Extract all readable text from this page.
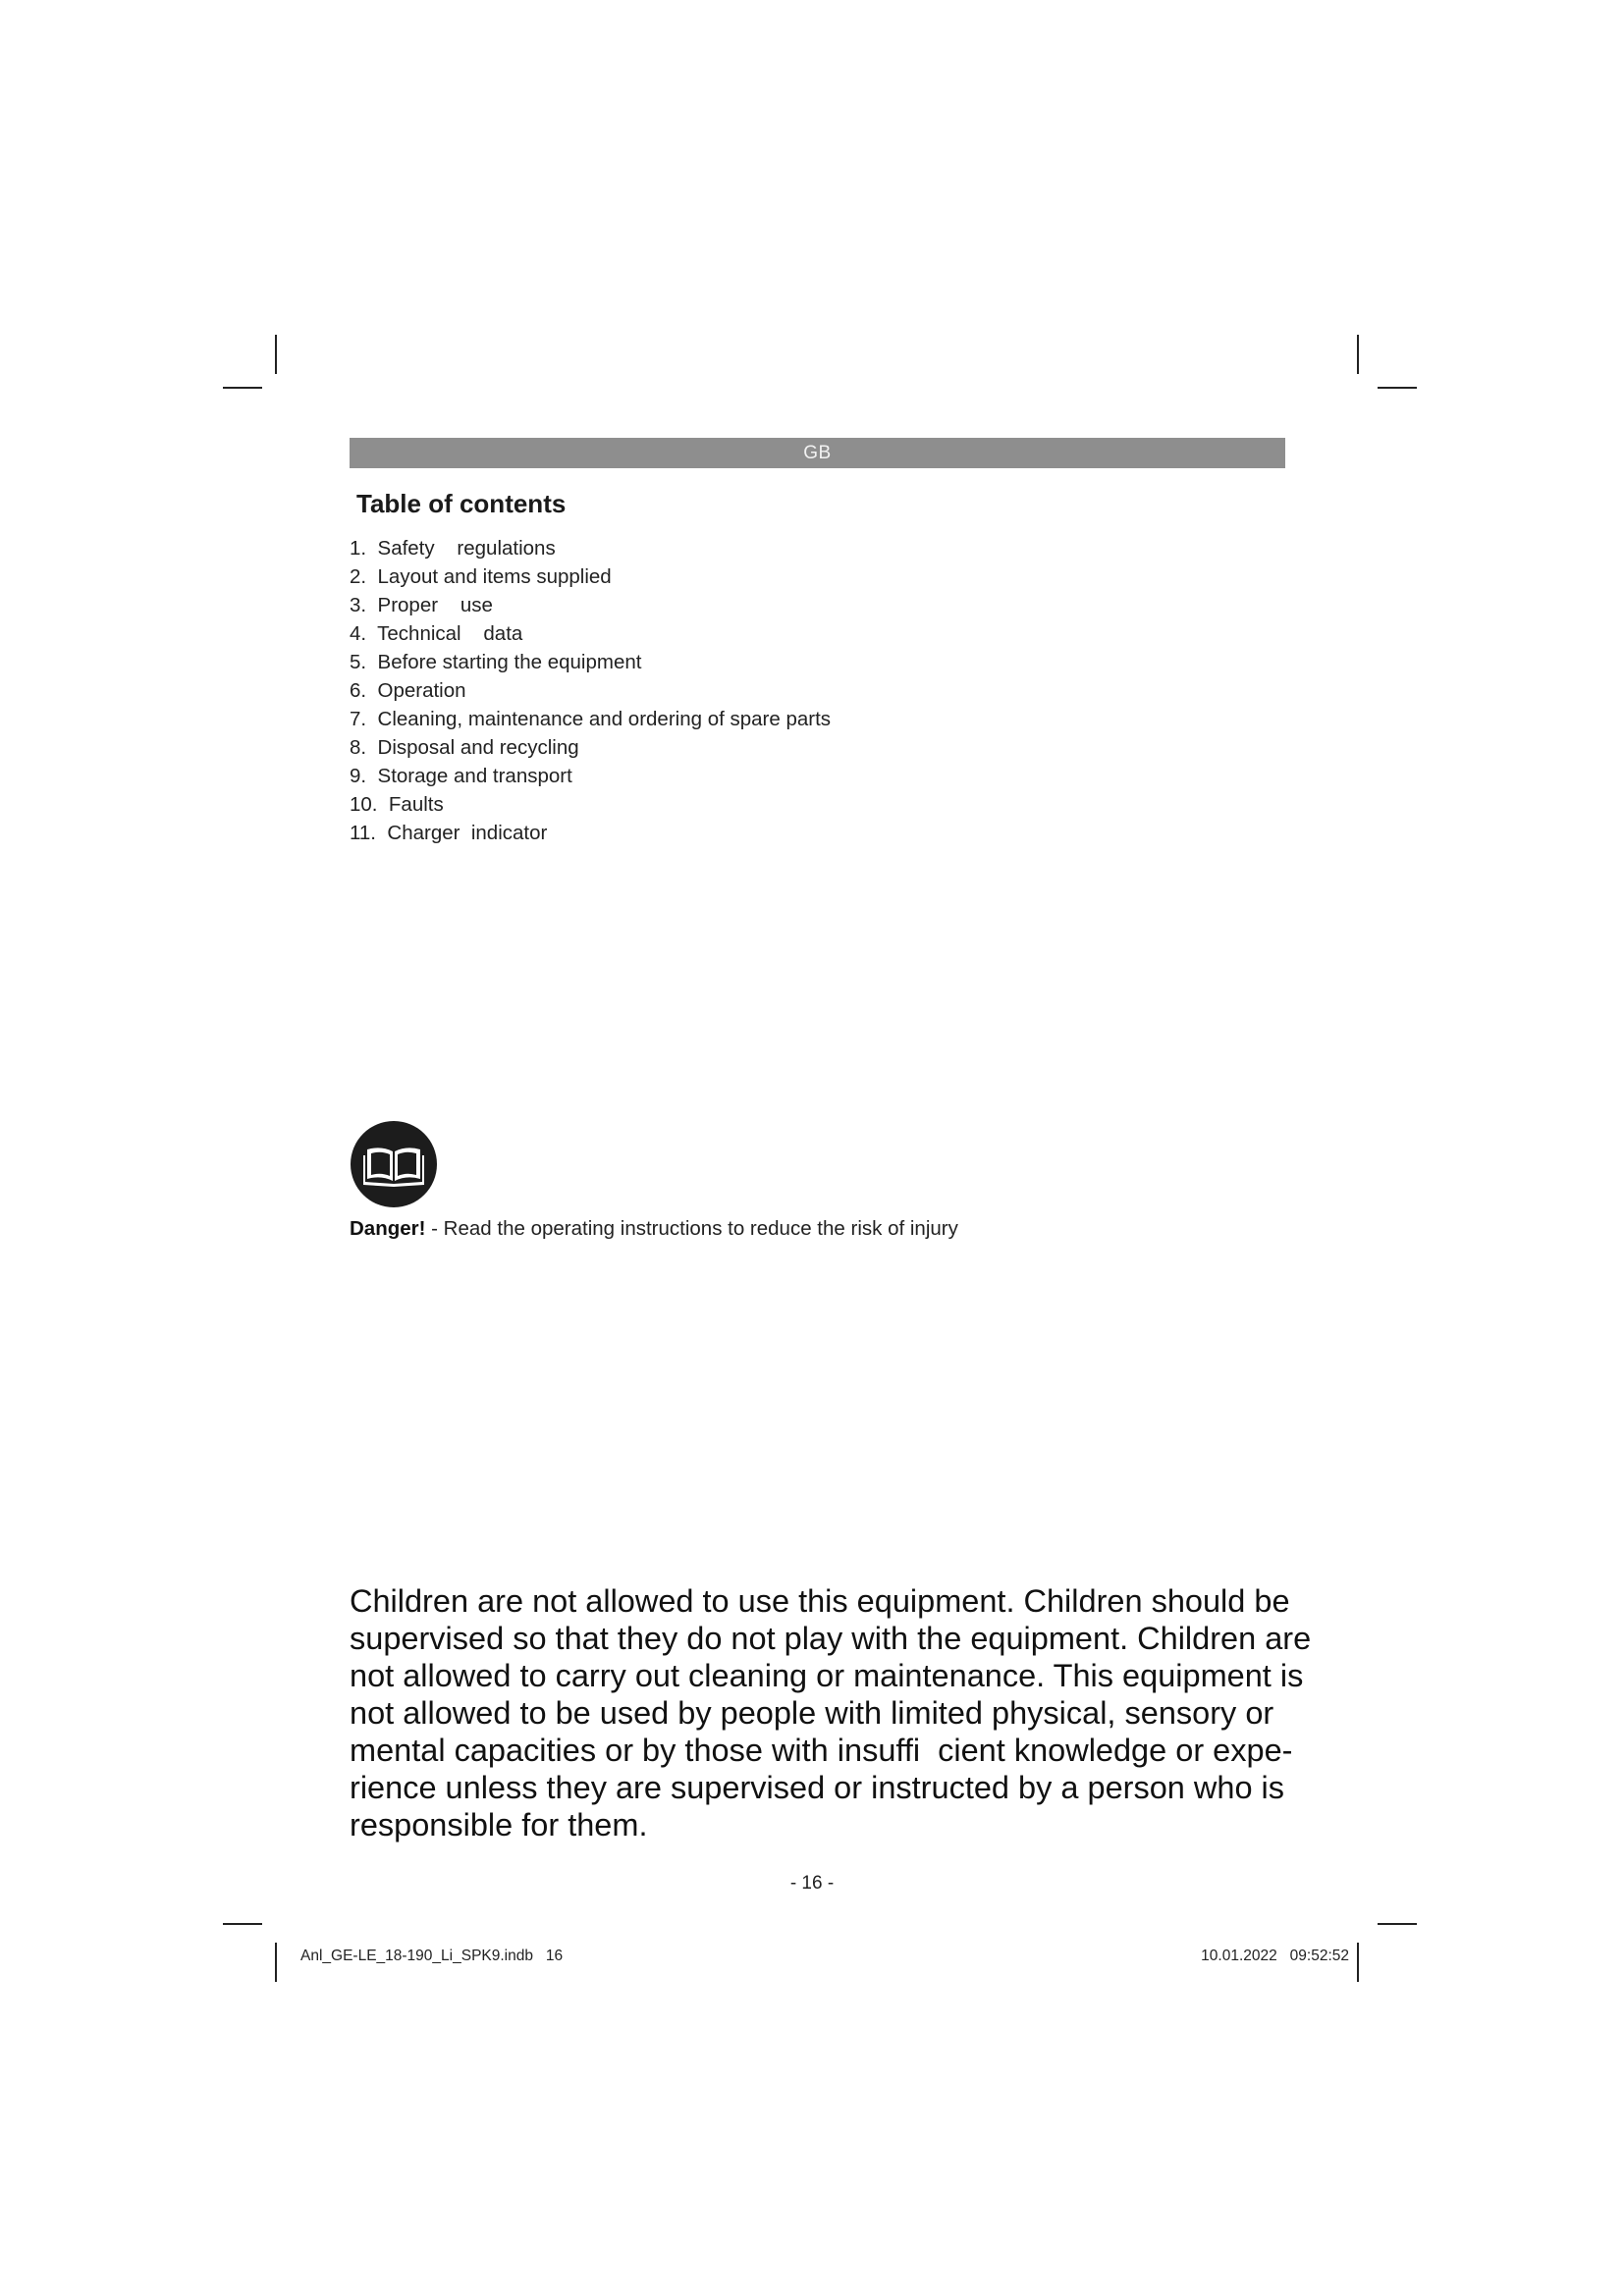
GB
Table of contents
1. Safety    regulations
2. Layout and items supplied
3. Proper    use
4. Technical    data
5. Before starting the equipment
6. Operation
7. Cleaning, maintenance and ordering of spare parts
8. Disposal and recycling
9. Storage and transport
10. Faults
11. Charger  indicator
Danger! - Read the operating instructions to reduce the risk of injury

Children are not allowed to use this equipment. Children should be
supervised so that they do not play with the equipment. Children are
not allowed to carry out cleaning or maintenance. This equipment is
not allowed to be used by people with limited physical, sensory or
mental capacities or by those with insuffi  cient knowledge or expe-
rience unless they are supervised or instructed by a person who is
responsible for them.

- 16 -
Anl_GE-LE_18-190_Li_SPK9.indb   16	10.01.2022   09:52:52
